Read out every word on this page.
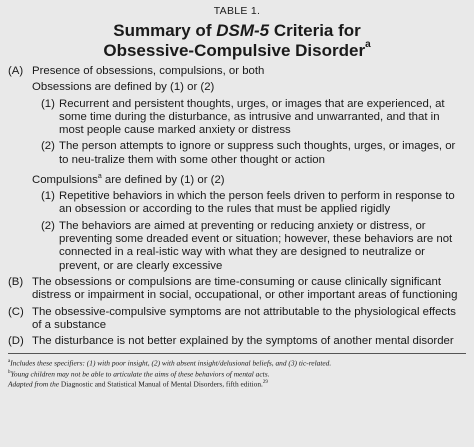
TABLE 1.

Summary of DSM-5 Criteria for
Obsessive-Compulsive Disorder$^a$
(A) Presence of obsessions, compulsions, or both
Obsessions are defined by (1) or (2)
(1) Recurrent and persistent thoughts, urges, or images that are experienced, at some time during the disturbance, as intrusive and unwarranted, and that in most people cause marked anxiety or distress
(2) The person attempts to ignore or suppress such thoughts, urges, or images, or to neu-tralize them with some other thought or action
Compulsions$^a$ are defined by (1) or (2)
(1) Repetitive behaviors in which the person feels driven to perform in response to an obsession or according to the rules that must be applied rigidly
(2) The behaviors are aimed at preventing or reducing anxiety or distress, or preventing some dreaded event or situation; however, these behaviors are not connected in a real-istic way with what they are designed to neutralize or prevent, or are clearly excessive
(B) The obsessions or compulsions are time-consuming or cause clinically significant distress or impairment in social, occupational, or other important areas of functioning
(C) The obsessive-compulsive symptoms are not attributable to the physiological effects of a substance
(D) The disturbance is not better explained by the symptoms of another mental disorder

$^a$Includes these specifiers: (1) with poor insight, (2) with absent insight/delusional beliefs, and (3) tic-related.

$^b$Young children may not be able to articulate the aims of these behaviors of mental acts.

Adapted from the Diagnostic and Statistical Manual of Mental Disorders, fifth edition.$^{29}$
